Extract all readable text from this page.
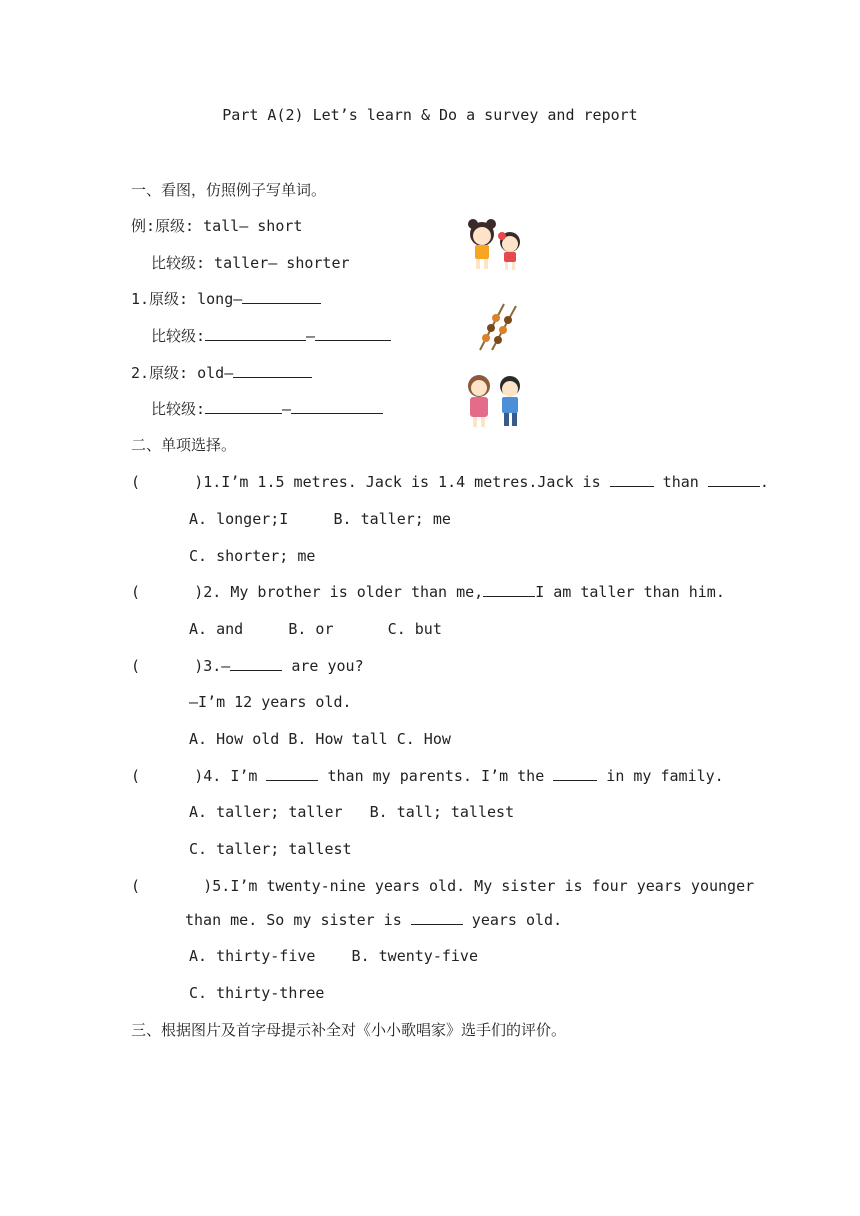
Part A(2) Let’s learn & Do a survey and report
一、看图，仿照例子写单词。
例:原级: tall— short
比较级: taller— shorter
1.原级: long—
比较级:	—
2.原级: old—
比较级:	—
二、单项选择。
(      )1.I’m 1.5 metres. Jack is 1.4 metres.Jack is	than	.
A. longer;I     B. taller; me
C. shorter; me
(      )2. My brother is older than me,	I am taller than him.
A. and     B. or      C. but
(      )3.—	are you?
—I’m 12 years old.
A. How old B. How tall C. How
(      )4. I’m	than my parents. I’m the	in my family.
A. taller; taller   B. tall; tallest
C. taller; tallest
(       )5.I’m twenty-nine years old. My sister is four years younger
than me. So my sister is	years old.
A. thirty-five    B. twenty-five
C. thirty-three
三、根据图片及首字母提示补全对《小小歌唱家》选手们的评价。
